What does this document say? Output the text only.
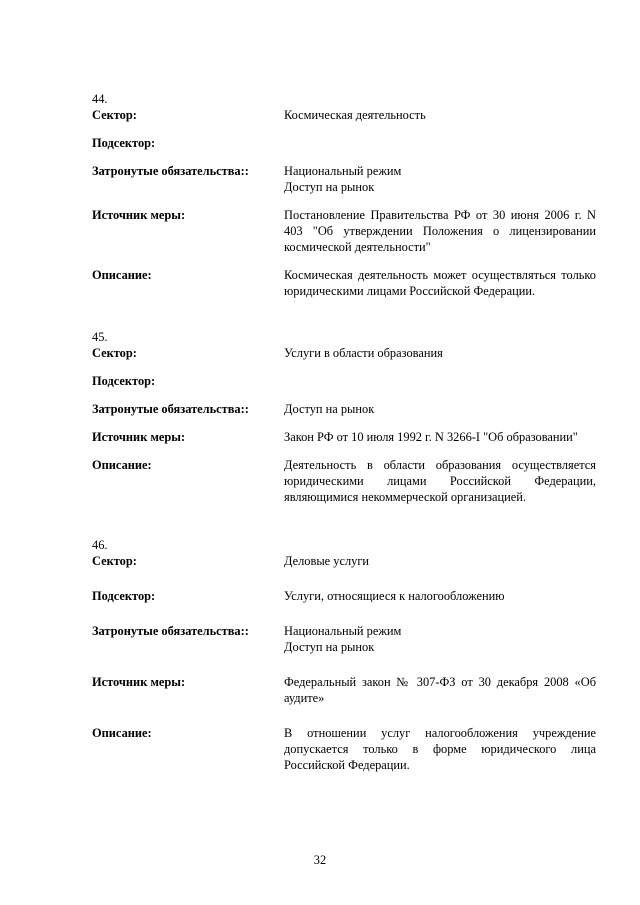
44.
Сектор:	Космическая деятельность
Подсектор:
Затронутые обязательства::	Национальный режим
Доступ на рынок
Источник меры:	Постановление Правительства РФ от 30 июня 2006 г. N 403 "Об утверждении Положения о лицензировании космической деятельности"
Описание:	Космическая деятельность может осуществляться только юридическими лицами Российской Федерации.
45.
Сектор:	Услуги в области образования
Подсектор:
Затронутые обязательства::	Доступ на рынок
Источник меры:	Закон РФ от 10 июля 1992 г. N 3266-I "Об образовании"
Описание:	Деятельность в области образования осуществляется юридическими лицами Российской Федерации, являющимися некоммерческой организацией.
46.
Сектор:	Деловые услуги
Подсектор:	Услуги, относящиеся к налогообложению
Затронутые обязательства::	Национальный режим
Доступ на рынок
Источник меры:	Федеральный закон № 307-ФЗ от 30 декабря 2008 «Об аудите»
Описание:	В отношении услуг налогообложения учреждение допускается только в форме юридического лица Российской Федерации.
32
